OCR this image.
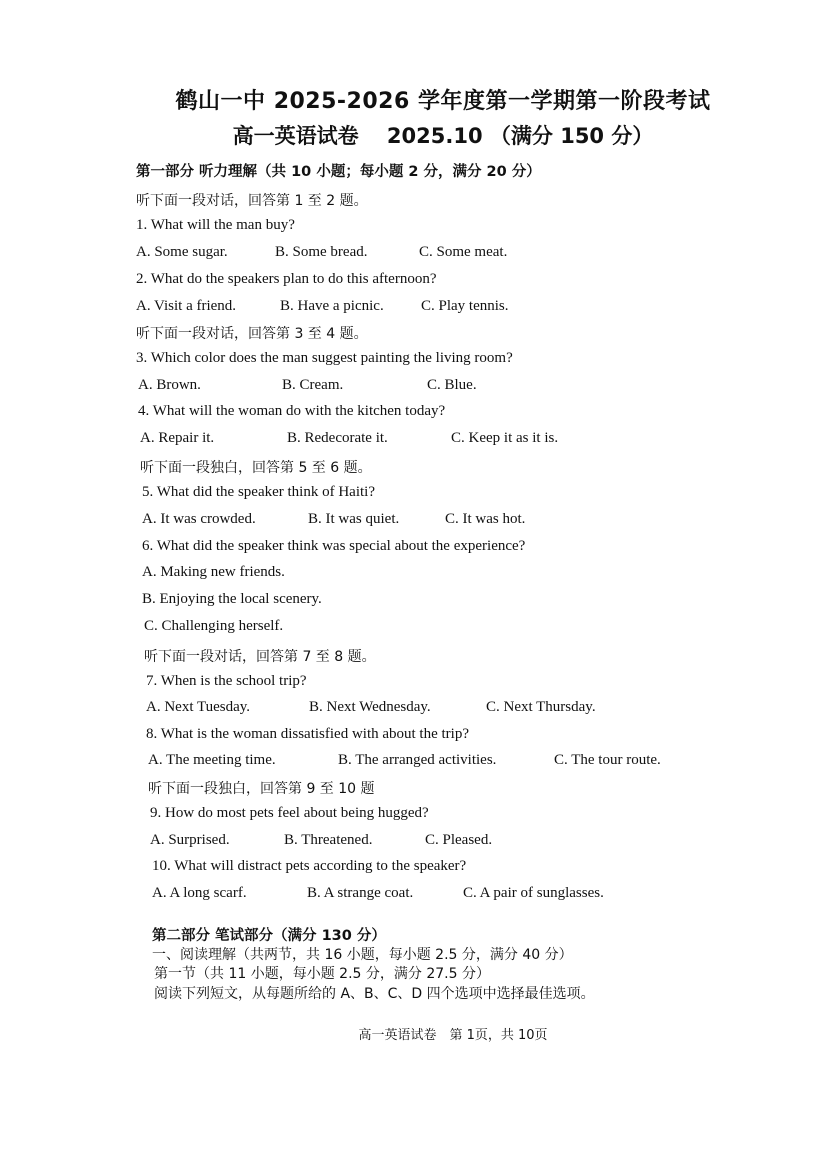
鹤山一中 2025-2026 学年度第一学期第一阶段考试
高一英语试卷　 2025.10 （满分 150 分）
第一部分 听力理解（共 10 小题；每小题 2 分，满分 20 分）
听下面一段对话，回答第 1 至 2 题。
1. What will the man buy?
A. Some sugar.	B. Some bread.	C. Some meat.
2. What do the speakers plan to do this afternoon?
A. Visit a friend.	B. Have a picnic. C. Play tennis.
听下面一段对话，回答第 3 至 4 题。
3. Which color does the man suggest painting the living room?
A. Brown.	B. Cream.	C. Blue.
4. What will the woman do with the kitchen today?
A. Repair it.	B. Redecorate it.	C. Keep it as it is.
听下面一段独白，回答第 5 至 6 题。
5. What did the speaker think of Haiti?
A. It was crowded.	B. It was quiet.	C. It was hot.
6. What did the speaker think was special about the experience?
A. Making new friends.
B. Enjoying the local scenery.
C. Challenging herself.
听下面一段对话，回答第 7 至 8 题。
7. When is the school trip?
A. Next Tuesday.	B. Next Wednesday.	C. Next Thursday.
8. What is the woman dissatisfied with about the trip?
A. The meeting time.	B. The arranged activities.	C. The tour route.
听下面一段独白，回答第 9 至 10 题
9. How do most pets feel about being hugged?
A. Surprised.	B. Threatened.	C. Pleased.
10. What will distract pets according to the speaker?
A. A long scarf.	B. A strange coat.	C. A pair of sunglasses.
第二部分 笔试部分（满分 130 分）
一、阅读理解（共两节，共 16 小题，每小题 2.5 分，满分 40 分）
第一节（共 11 小题，每小题 2.5 分，满分 27.5 分）
阅读下列短文，从每题所给的 A、B、C、D 四个选项中选择最佳选项。
高一英语试卷　第 1页，共 10页
